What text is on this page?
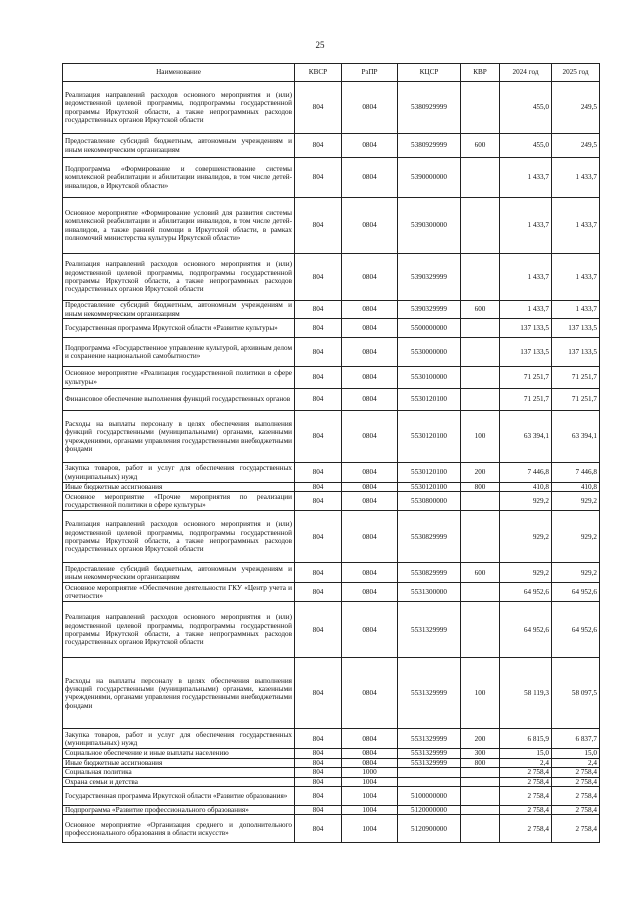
25
Наименование	КВСР	РзПР	КЦСР	КВР	2024 год	2025 год
Реализация направлений расходов основного мероприятия и (или) ведомственной целевой программы, подпрограммы государственной программы Иркутской области, а также непрограммных расходов государственных органов Иркутской области	804	0804	5380929999		455,0	249,5
Предоставление субсидий бюджетным, автономным учреждениям и иным некоммерческим организациям	804	0804	5380929999	600	455,0	249,5
Подпрограмма «Формирование и совершенствование системы комплексной реабилитации и абилитации инвалидов, в том числе детей-инвалидов, в Иркутской области»	804	0804	5390000000		1 433,7	1 433,7
Основное мероприятие «Формирование условий для развития системы комплексной реабилитации и абилитации инвалидов, в том числе детей-инвалидов, а также ранней помощи в Иркутской области, в рамках полномочий министерства культуры Иркутской области»	804	0804	5390300000		1 433,7	1 433,7
Реализация направлений расходов основного мероприятия и (или) ведомственной целевой программы, подпрограммы государственной программы Иркутской области, а также непрограммных расходов государственных органов Иркутской области	804	0804	5390329999		1 433,7	1 433,7
Предоставление субсидий бюджетным, автономным учреждениям и иным некоммерческим организациям	804	0804	5390329999	600	1 433,7	1 433,7
Государственная программа Иркутской области «Развитие культуры»	804	0804	5500000000		137 133,5	137 133,5
Подпрограмма «Государственное управление культурой, архивным делом и сохранение национальной самобытности»	804	0804	5530000000		137 133,5	137 133,5
Основное мероприятие «Реализация государственной политики в сфере культуры»	804	0804	5530100000		71 251,7	71 251,7
Финансовое обеспечение выполнения функций государственных органов	804	0804	5530120100		71 251,7	71 251,7
Расходы на выплаты персоналу в целях обеспечения выполнения функций государственными (муниципальными) органами, казенными учреждениями, органами управления государственными внебюджетными фондами	804	0804	5530120100	100	63 394,1	63 394,1
Закупка товаров, работ и услуг для обеспечения государственных (муниципальных) нужд	804	0804	5530120100	200	7 446,8	7 446,8
Иные бюджетные ассигнования	804	0804	5530120100	800	410,8	410,8
Основное мероприятие «Прочие мероприятия по реализации государственной политики в сфере культуры»	804	0804	5530800000		929,2	929,2
Реализация направлений расходов основного мероприятия и (или) ведомственной целевой программы, подпрограммы государственной программы Иркутской области, а также непрограммных расходов государственных органов Иркутской области	804	0804	5530829999		929,2	929,2
Предоставление субсидий бюджетным, автономным учреждениям и иным некоммерческим организациям	804	0804	5530829999	600	929,2	929,2
Основное мероприятие «Обеспечение деятельности ГКУ «Центр учета и отчетности»	804	0804	5531300000		64 952,6	64 952,6
Реализация направлений расходов основного мероприятия и (или) ведомственной целевой программы, подпрограммы государственной программы Иркутской области, а также непрограммных расходов государственных органов Иркутской области	804	0804	5531329999		64 952,6	64 952,6
Расходы на выплаты персоналу в целях обеспечения выполнения функций государственными (муниципальными) органами, казенными учреждениями, органами управления государственными внебюджетными фондами	804	0804	5531329999	100	58 119,3	58 097,5
Закупка товаров, работ и услуг для обеспечения государственных (муниципальных) нужд	804	0804	5531329999	200	6 815,9	6 837,7
Социальное обеспечение и иные выплаты населению	804	0804	5531329999	300	15,0	15,0
Иные бюджетные ассигнования	804	0804	5531329999	800	2,4	2,4
Социальная политика	804	1000			2 758,4	2 758,4
Охрана семьи и детства	804	1004			2 758,4	2 758,4
Государственная программа Иркутской области «Развитие образования»	804	1004	5100000000		2 758,4	2 758,4
Подпрограмма «Развитие профессионального образования»	804	1004	5120000000		2 758,4	2 758,4
Основное мероприятие «Организация среднего и дополнительного профессионального образования в области искусств»	804	1004	5120900000		2 758,4	2 758,4
